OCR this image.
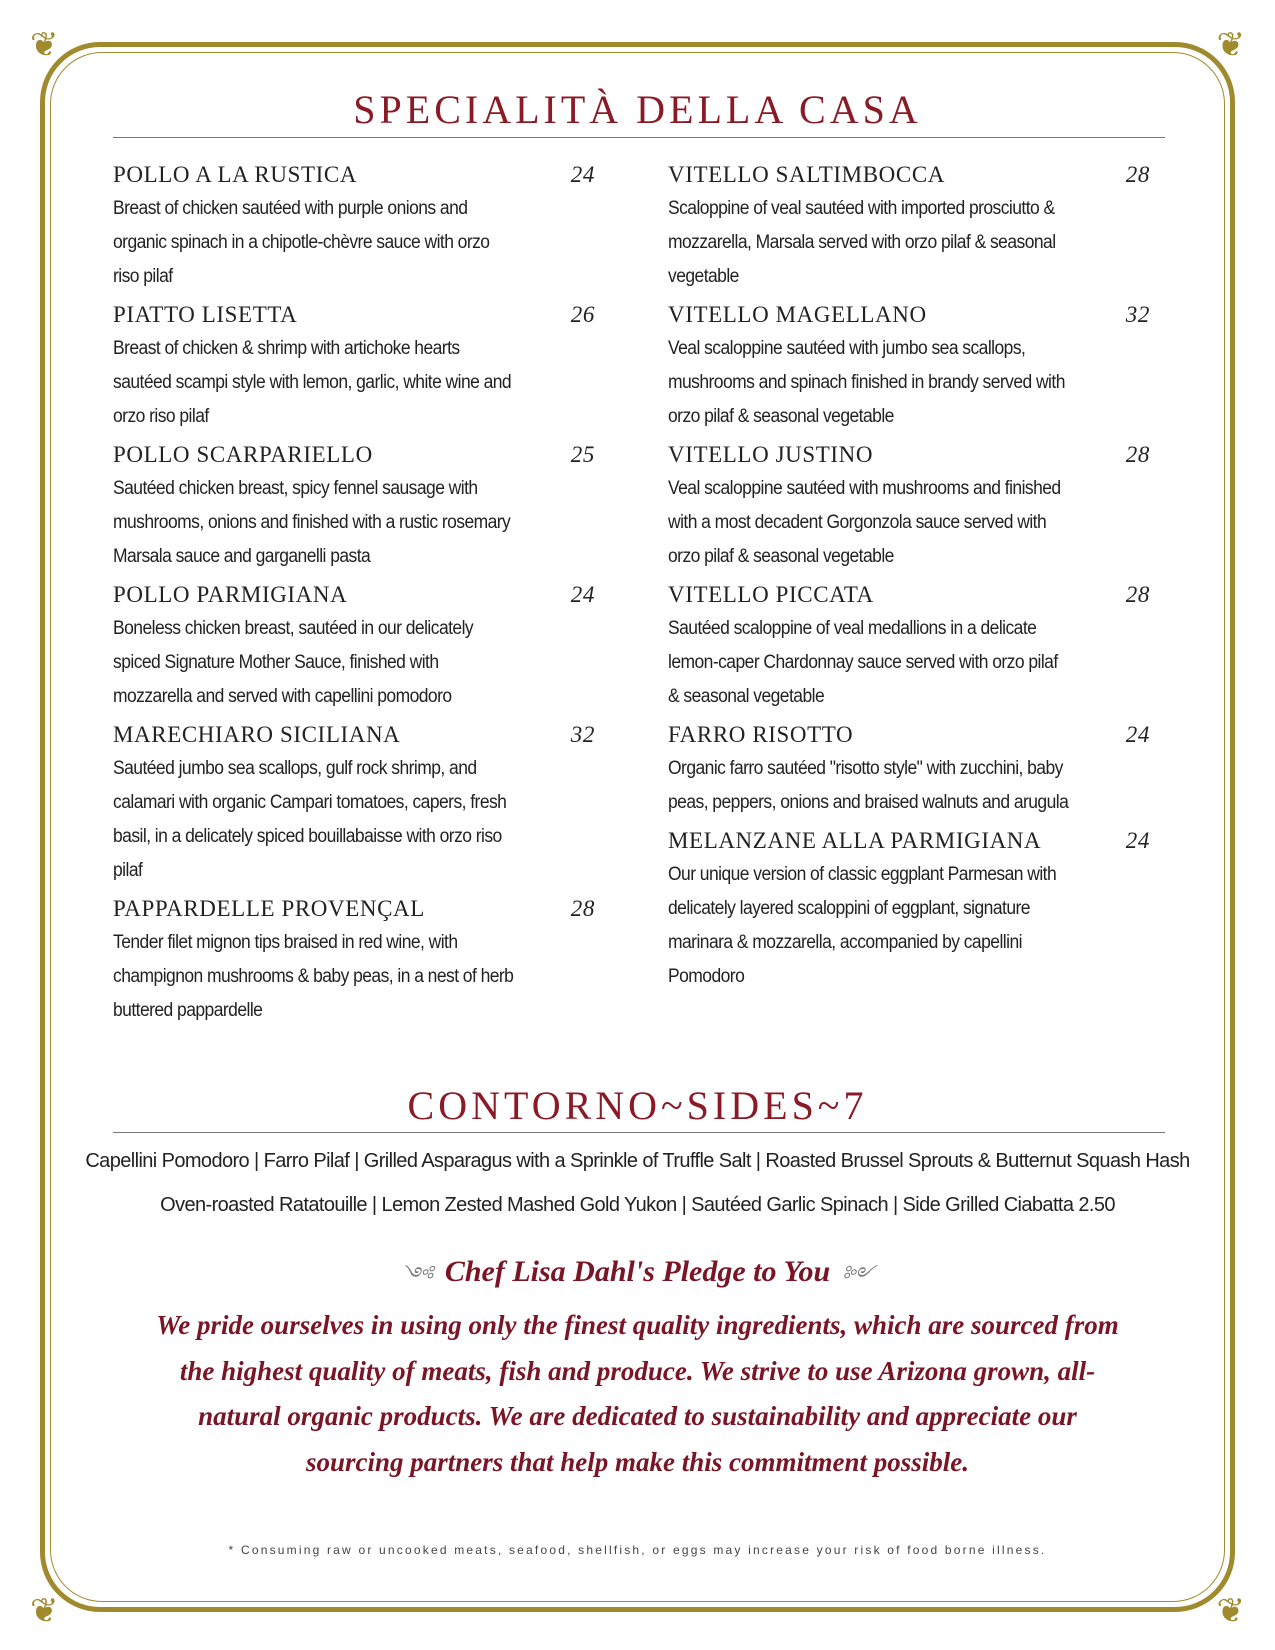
❦	❦
❦	❦
SPECIALITÀ DELLA CASA
POLLO A LA RUSTICA	24
Breast of chicken sautéed with purple onions and organic spinach in a chipotle-chèvre sauce with orzo riso pilaf
PIATTO LISETTA	26
Breast of chicken & shrimp with artichoke hearts sautéed scampi style with lemon, garlic, white wine and orzo riso pilaf
POLLO SCARPARIELLO	25
Sautéed chicken breast, spicy fennel sausage with mushrooms, onions and finished with a rustic rosemary Marsala sauce and garganelli pasta
POLLO PARMIGIANA	24
Boneless chicken breast, sautéed in our delicately spiced Signature Mother Sauce, finished with mozzarella and served with capellini pomodoro
MARECHIARO SICILIANA	32
Sautéed jumbo sea scallops, gulf rock shrimp, and calamari with organic Campari tomatoes, capers, fresh basil, in a delicately spiced bouillabaisse with orzo riso pilaf
PAPPARDELLE PROVENÇAL	28
Tender filet mignon tips braised in red wine, with champignon mushrooms & baby peas, in a nest of herb buttered pappardelle
VITELLO SALTIMBOCCA	28
Scaloppine of veal sautéed with imported prosciutto & mozzarella, Marsala served with orzo pilaf & seasonal vegetable
VITELLO MAGELLANO	32
Veal scaloppine sautéed with jumbo sea scallops, mushrooms and spinach finished in brandy served with orzo pilaf & seasonal vegetable
VITELLO JUSTINO	28
Veal scaloppine sautéed with mushrooms and finished with a most decadent Gorgonzola sauce served with orzo pilaf & seasonal vegetable
VITELLO PICCATA	28
Sautéed scaloppine of veal medallions in a delicate lemon-caper Chardonnay sauce served with orzo pilaf & seasonal vegetable
FARRO RISOTTO	24
Organic farro sautéed "risotto style" with zucchini, baby peas, peppers, onions and braised walnuts and arugula
MELANZANE ALLA PARMIGIANA	24
Our unique version of classic eggplant Parmesan with delicately layered scaloppini of eggplant, signature marinara & mozzarella, accompanied by capellini Pomodoro
CONTORNO~SIDES~7
Capellini Pomodoro | Farro Pilaf | Grilled Asparagus with a Sprinkle of Truffle Salt | Roasted Brussel Sprouts & Butternut Squash Hash
Oven-roasted Ratatouille | Lemon Zested Mashed Gold Yukon | Sautéed Garlic Spinach | Side Grilled Ciabatta 2.50
༺ Chef Lisa Dahl's Pledge to You ༻
We pride ourselves in using only the finest quality ingredients, which are sourced from the highest quality of meats, fish and produce. We strive to use Arizona grown, all-natural organic products. We are dedicated to sustainability and appreciate our sourcing partners that help make this commitment possible.
* Consuming raw or uncooked meats, seafood, shellfish, or eggs may increase your risk of food borne illness.
